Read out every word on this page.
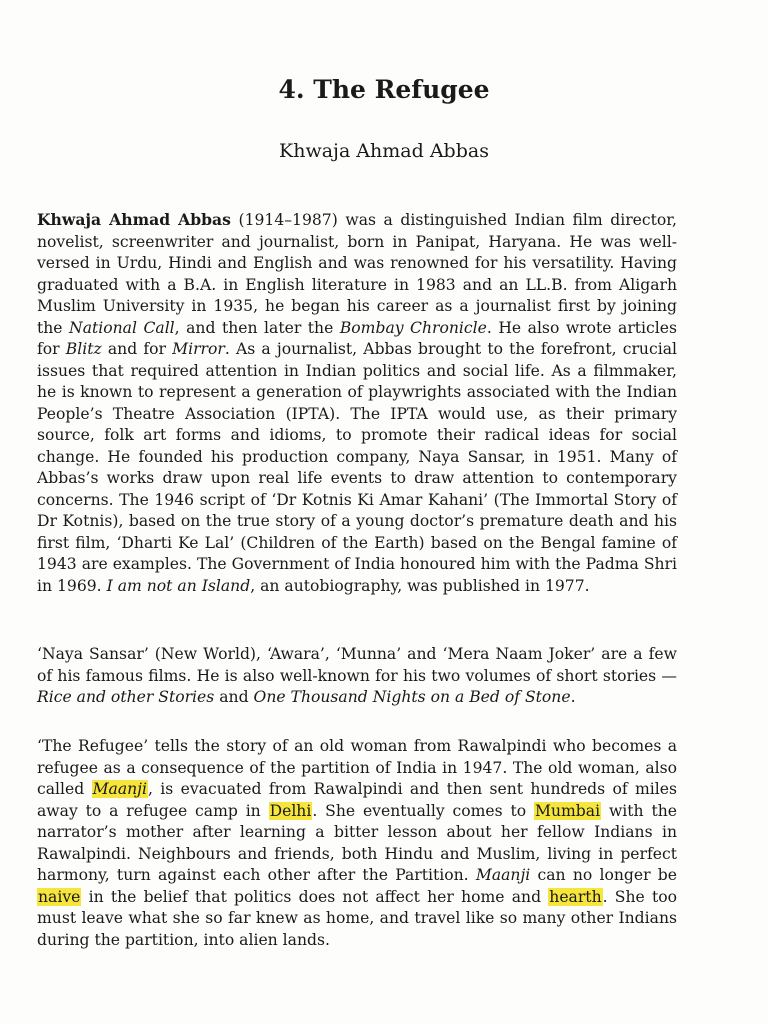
4. The Refugee
Khwaja Ahmad Abbas
Khwaja Ahmad Abbas (1914–1987) was a distinguished Indian film director, novelist, screenwriter and journalist, born in Panipat, Haryana. He was well-versed in Urdu, Hindi and English and was renowned for his versatility. Having graduated with a B.A. in English literature in 1983 and an LL.B. from Aligarh Muslim University in 1935, he began his career as a journalist first by joining the National Call, and then later the Bombay Chronicle. He also wrote articles for Blitz and for Mirror. As a journalist, Abbas brought to the forefront, crucial issues that required attention in Indian politics and social life. As a filmmaker, he is known to represent a generation of playwrights associated with the Indian People’s Theatre Association (IPTA). The IPTA would use, as their primary source, folk art forms and idioms, to promote their radical ideas for social change. He founded his production company, Naya Sansar, in 1951. Many of Abbas’s works draw upon real life events to draw attention to contemporary concerns. The 1946 script of ‘Dr Kotnis Ki Amar Kahani’ (The Immortal Story of Dr Kotnis), based on the true story of a young doctor’s premature death and his first film, ‘Dharti Ke Lal’ (Children of the Earth) based on the Bengal famine of 1943 are examples. The Government of India honoured him with the Padma Shri in 1969. I am not an Island, an autobiography, was published in 1977.
‘Naya Sansar’ (New World), ‘Awara’, ‘Munna’ and ‘Mera Naam Joker’ are a few of his famous films. He is also well-known for his two volumes of short stories — Rice and other Stories and One Thousand Nights on a Bed of Stone.
‘The Refugee’ tells the story of an old woman from Rawalpindi who becomes a refugee as a consequence of the partition of India in 1947. The old woman, also called Maanji, is evacuated from Rawalpindi and then sent hundreds of miles away to a refugee camp in Delhi. She eventually comes to Mumbai with the narrator’s mother after learning a bitter lesson about her fellow Indians in Rawalpindi. Neighbours and friends, both Hindu and Muslim, living in perfect harmony, turn against each other after the Partition. Maanji can no longer be naive in the belief that politics does not affect her home and hearth. She too must leave what she so far knew as home, and travel like so many other Indians during the partition, into alien lands.
